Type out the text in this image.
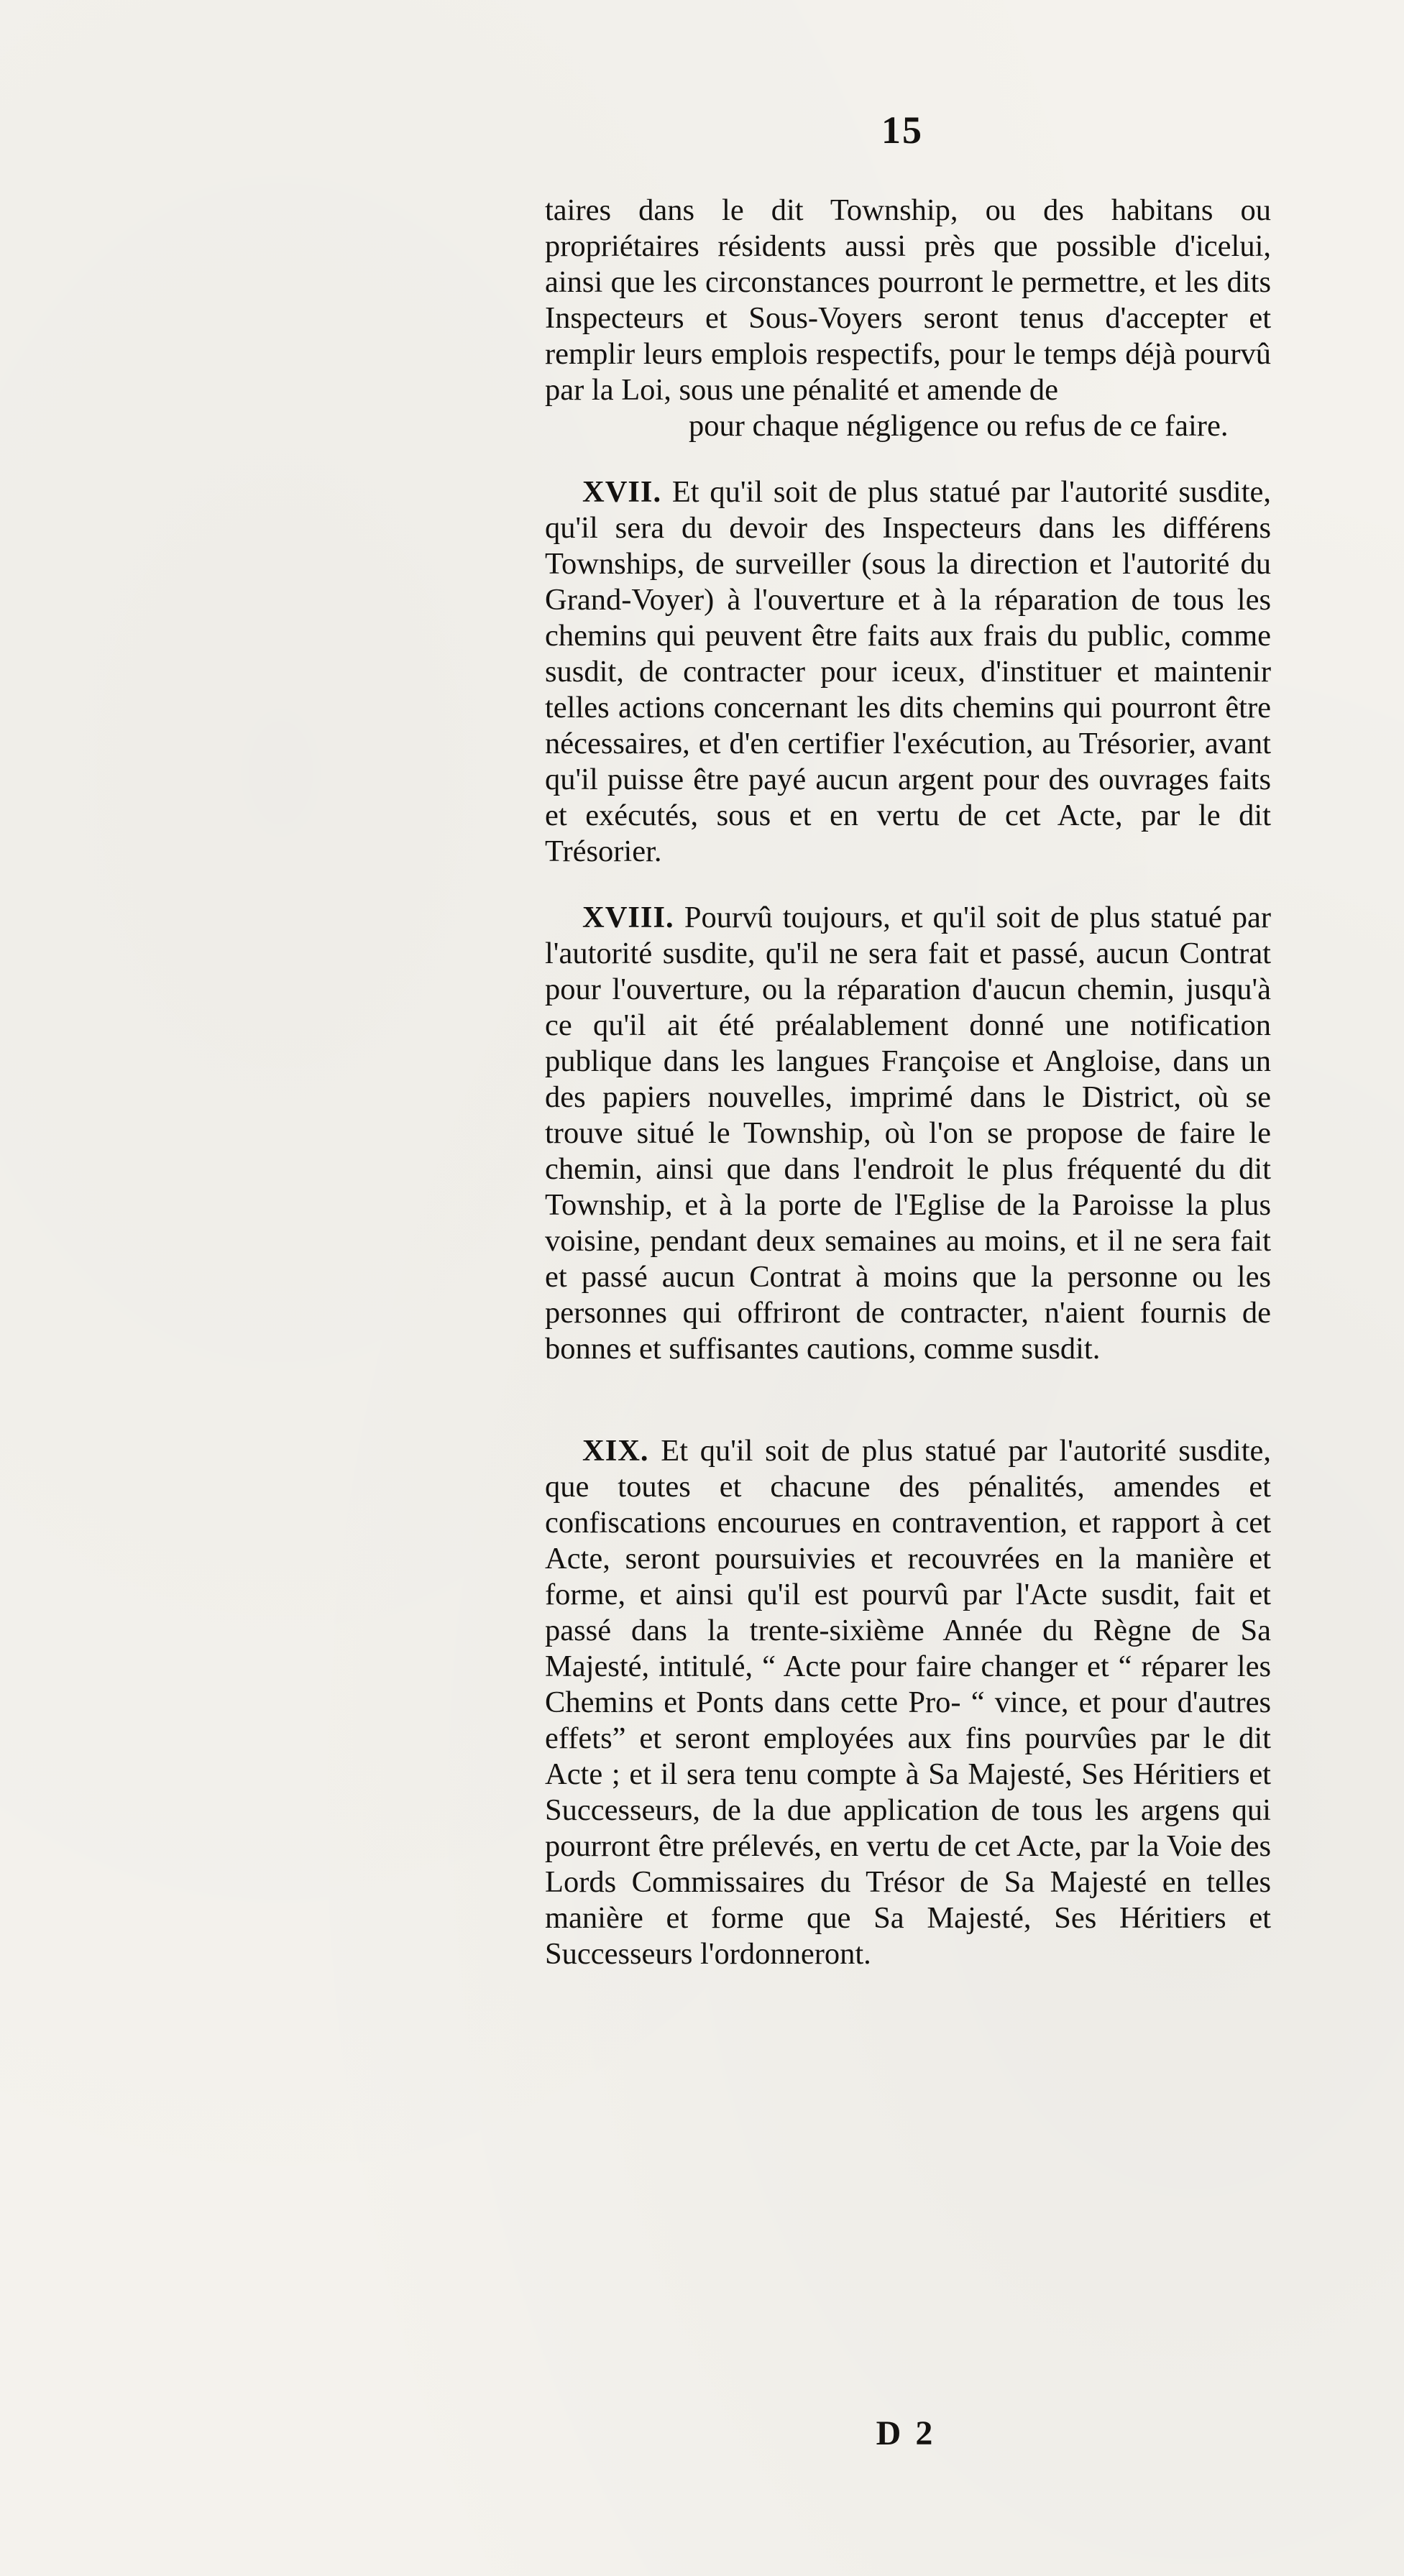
15

taires dans le dit Township, ou des habitans ou propriétaires résidents aussi près que possible d'icelui, ainsi que les circonstances pourront le permettre, et les dits Inspecteurs et Sous-Voyers seront tenus d'accepter et remplir leurs emplois respectifs, pour le temps déjà pourvû par la Loi, sous une pénalité et amende de

pour chaque négligence ou refus de ce faire.

XVII. Et qu'il soit de plus statué par l'autorité susdite, qu'il sera du devoir des Inspecteurs dans les différens Townships, de surveiller (sous la direction et l'autorité du Grand-Voyer) à l'ouverture et à la réparation de tous les chemins qui peuvent être faits aux frais du public, comme susdit, de contracter pour iceux, d'instituer et maintenir telles actions concernant les dits chemins qui pourront être nécessaires, et d'en certifier l'exécution, au Trésorier, avant qu'il puisse être payé aucun argent pour des ouvrages faits et exécutés, sous et en vertu de cet Acte, par le dit Trésorier.

XVIII. Pourvû toujours, et qu'il soit de plus statué par l'autorité susdite, qu'il ne sera fait et passé, aucun Contrat pour l'ouverture, ou la réparation d'aucun chemin, jusqu'à ce qu'il ait été préalablement donné une notification publique dans les langues Françoise et Angloise, dans un des papiers nouvelles, imprimé dans le District, où se trouve situé le Township, où l'on se propose de faire le chemin, ainsi que dans l'endroit le plus fréquenté du dit Township, et à la porte de l'Eglise de la Paroisse la plus voisine, pendant deux semaines au moins, et il ne sera fait et passé aucun Contrat à moins que la personne ou les personnes qui offriront de contracter, n'aient fournis de bonnes et suffisantes cautions, comme susdit.

XIX. Et qu'il soit de plus statué par l'autorité susdite, que toutes et chacune des pénalités, amendes et confiscations encourues en contravention, et rapport à cet Acte, seront poursuivies et recouvrées en la manière et forme, et ainsi qu'il est pourvû par l'Acte susdit, fait et passé dans la trente-sixième Année du Règne de Sa Majesté, intitulé, “ Acte pour faire changer et “ réparer les Chemins et Ponts dans cette Pro- “ vince, et pour d'autres effets” et seront employées aux fins pourvûes par le dit Acte ; et il sera tenu compte à Sa Majesté, Ses Héritiers et Successeurs, de la due application de tous les argens qui pourront être prélevés, en vertu de cet Acte, par la Voie des Lords Commissaires du Trésor de Sa Majesté en telles manière et forme que Sa Majesté, Ses Héritiers et Successeurs l'ordonneront.

D 2
